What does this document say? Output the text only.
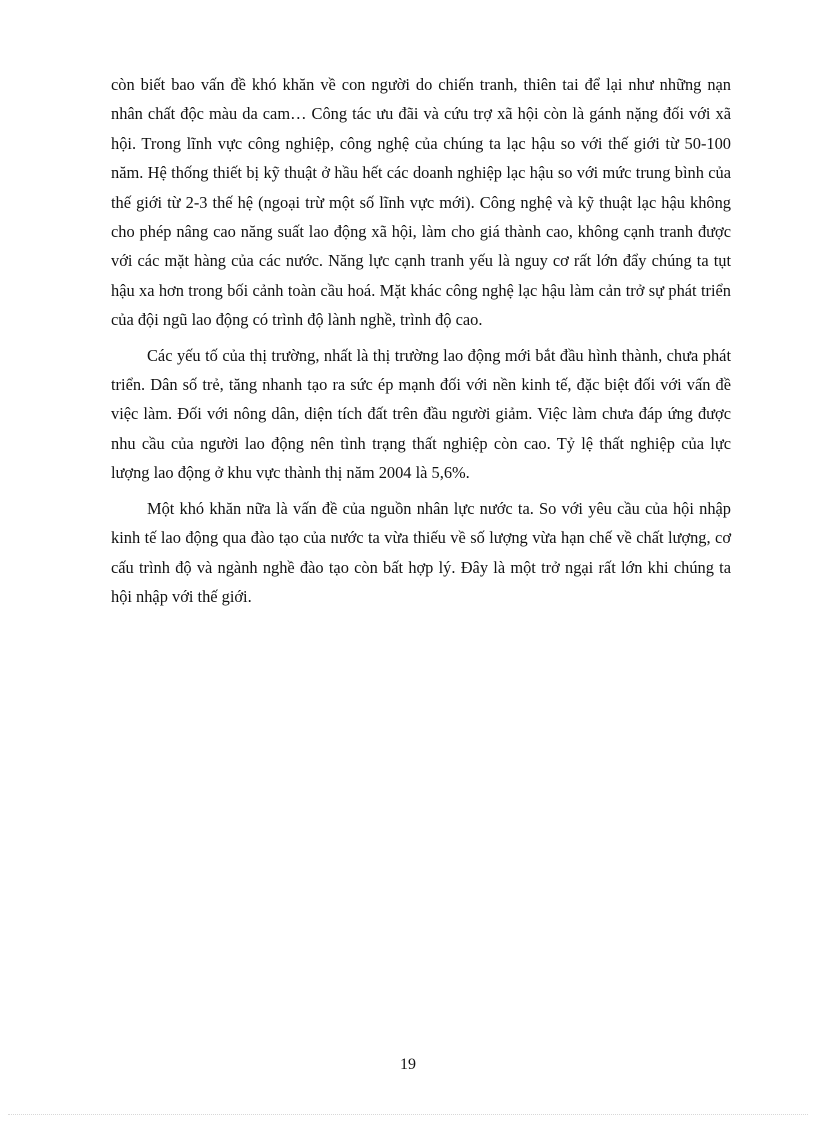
còn biết bao vấn đề khó khăn về con người do chiến tranh, thiên tai để lại như những nạn nhân chất độc màu da cam… Công tác ưu đãi và cứu trợ xã hội còn là gánh nặng đối với xã hội. Trong lĩnh vực công nghiệp, công nghệ của chúng ta lạc hậu so với thế giới từ 50-100 năm. Hệ thống thiết bị kỹ thuật ở hầu hết các doanh nghiệp lạc hậu so với mức trung bình của thế giới từ 2-3 thế hệ (ngoại trừ một số lĩnh vực mới). Công nghệ và kỹ thuật lạc hậu không cho phép nâng cao năng suất lao động xã hội, làm cho giá thành cao, không cạnh tranh được với các mặt hàng của các nước. Năng lực cạnh tranh yếu là nguy cơ rất lớn đẩy chúng ta tụt hậu xa hơn trong bối cảnh toàn cầu hoá. Mặt khác công nghệ lạc hậu làm cản trở sự phát triển của đội ngũ lao động có trình độ lành nghề, trình độ cao.

Các yếu tố của thị trường, nhất là thị trường lao động mới bắt đầu hình thành, chưa phát triển. Dân số trẻ, tăng nhanh tạo ra sức ép mạnh đối với nền kinh tế, đặc biệt đối với vấn đề việc làm. Đối với nông dân, diện tích đất trên đầu người giảm. Việc làm chưa đáp ứng được nhu cầu của người lao động nên tình trạng thất nghiệp còn cao. Tỷ lệ thất nghiệp của lực lượng lao động ở khu vực thành thị năm 2004 là 5,6%.

Một khó khăn nữa là vấn đề của nguồn nhân lực nước ta. So với yêu cầu của hội nhập kinh tế lao động qua đào tạo của nước ta vừa thiếu về số lượng vừa hạn chế về chất lượng, cơ cấu trình độ và ngành nghề đào tạo còn bất hợp lý. Đây là một trở ngại rất lớn khi chúng ta hội nhập với thế giới.

19
